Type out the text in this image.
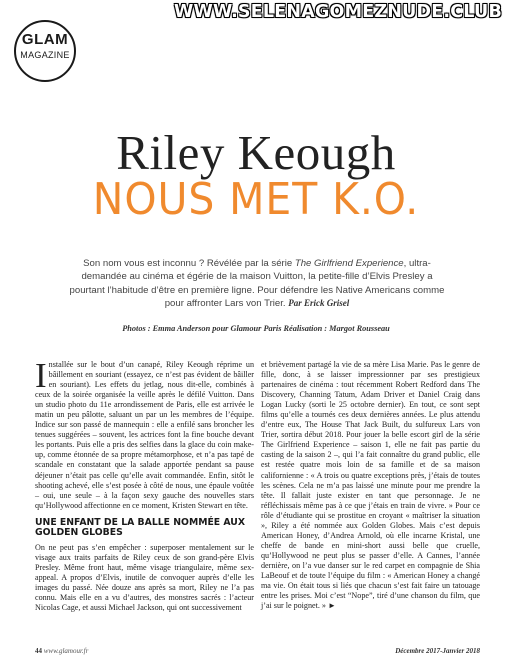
WWW.SELENAGOMEZNUDE.CLUB
GLAM
MAGAZINE
Riley Keough
NOUS MET K.O.
Son nom vous est inconnu ? Révélée par la série The Girlfriend Experience, ultra-demandée au cinéma et égérie de la maison Vuitton, la petite-fille d’Elvis Presley a pourtant l’habitude d’être en première ligne. Pour défendre les Native Americans comme pour affronter Lars von Trier. Par Erick Grisel
Photos : Emma Anderson pour Glamour Paris Réalisation : Margot Rousseau

Installée sur le bout d’un canapé, Riley Keough réprime un bâillement en souriant (essayez, ce n’est pas évident de bâiller en souriant). Les effets du jetlag, nous dit-elle, combinés à ceux de la soirée organisée la veille après le défilé Vuitton. Dans un studio photo du 11e arrondissement de Paris, elle est arrivée le matin un peu pâlotte, saluant un par un les membres de l’équipe. Indice sur son passé de mannequin : elle a enfilé sans broncher les tenues suggérées – souvent, les actrices font la fine bouche devant les portants. Puis elle a pris des selfies dans la glace du coin make-up, comme étonnée de sa propre métamorphose, et n’a pas tapé de scandale en constatant que la salade apportée pendant sa pause déjeuner n’était pas celle qu’elle avait commandée. Enfin, sitôt le shooting achevé, elle s’est posée à côté de nous, une épaule voûtée – oui, une seule – à la façon sexy gauche des nouvelles stars qu’Hollywood affectionne en ce moment, Kristen Stewart en tête.

UNE ENFANT DE LA BALLE NOMMÉE AUX GOLDEN GLOBES

On ne peut pas s’en empêcher : superposer mentalement sur le visage aux traits parfaits de Riley ceux de son grand-père Elvis Presley. Même front haut, même visage triangulaire, même sex-appeal. A propos d’Elvis, inutile de convoquer auprès d’elle les images du passé. Née douze ans après sa mort, Riley ne l’a pas connu. Mais elle en a vu d’autres, des monstres sacrés : l’acteur Nicolas Cage, et aussi Michael Jackson, qui ont successivement

et brièvement partagé la vie de sa mère Lisa Marie. Pas le genre de fille, donc, à se laisser impressionner par ses prestigieux partenaires de cinéma : tout récemment Robert Redford dans The Discovery, Channing Tatum, Adam Driver et Daniel Craig dans Logan Lucky (sorti le 25 octobre dernier). En tout, ce sont sept films qu’elle a tournés ces deux dernières années. Le plus attendu d’entre eux, The House That Jack Built, du sulfureux Lars von Trier, sortira début 2018. Pour jouer la belle escort girl de la série The Girlfriend Experience – saison 1, elle ne fait pas partie du casting de la saison 2 –, qui l’a fait connaître du grand public, elle est restée quatre mois loin de sa famille et de sa maison californienne : « A trois ou quatre exceptions près, j’étais de toutes les scènes. Cela ne m’a pas laissé une minute pour me prendre la tête. Il fallait juste exister en tant que personnage. Je ne réfléchissais même pas à ce que j’étais en train de vivre. » Pour ce rôle d’étudiante qui se prostitue en croyant « maîtriser la situation », Riley a été nommée aux Golden Globes. Mais c’est depuis American Honey, d’Andrea Arnold, où elle incarne Kristal, une cheffe de bande en mini-short aussi belle que cruelle, qu’Hollywood ne peut plus se passer d’elle. A Cannes, l’année dernière, on l’a vue danser sur le red carpet en compagnie de Shia LaBeouf et de toute l’équipe du film : « American Honey a changé ma vie. On était tous si liés que chacun s’est fait faire un tatouage entre les prises. Moi c’est “Nope”, tiré d’une chanson du film, que j’ai sur le poignet. » ►

44 www.glamour.fr	Décembre 2017-Janvier 2018
